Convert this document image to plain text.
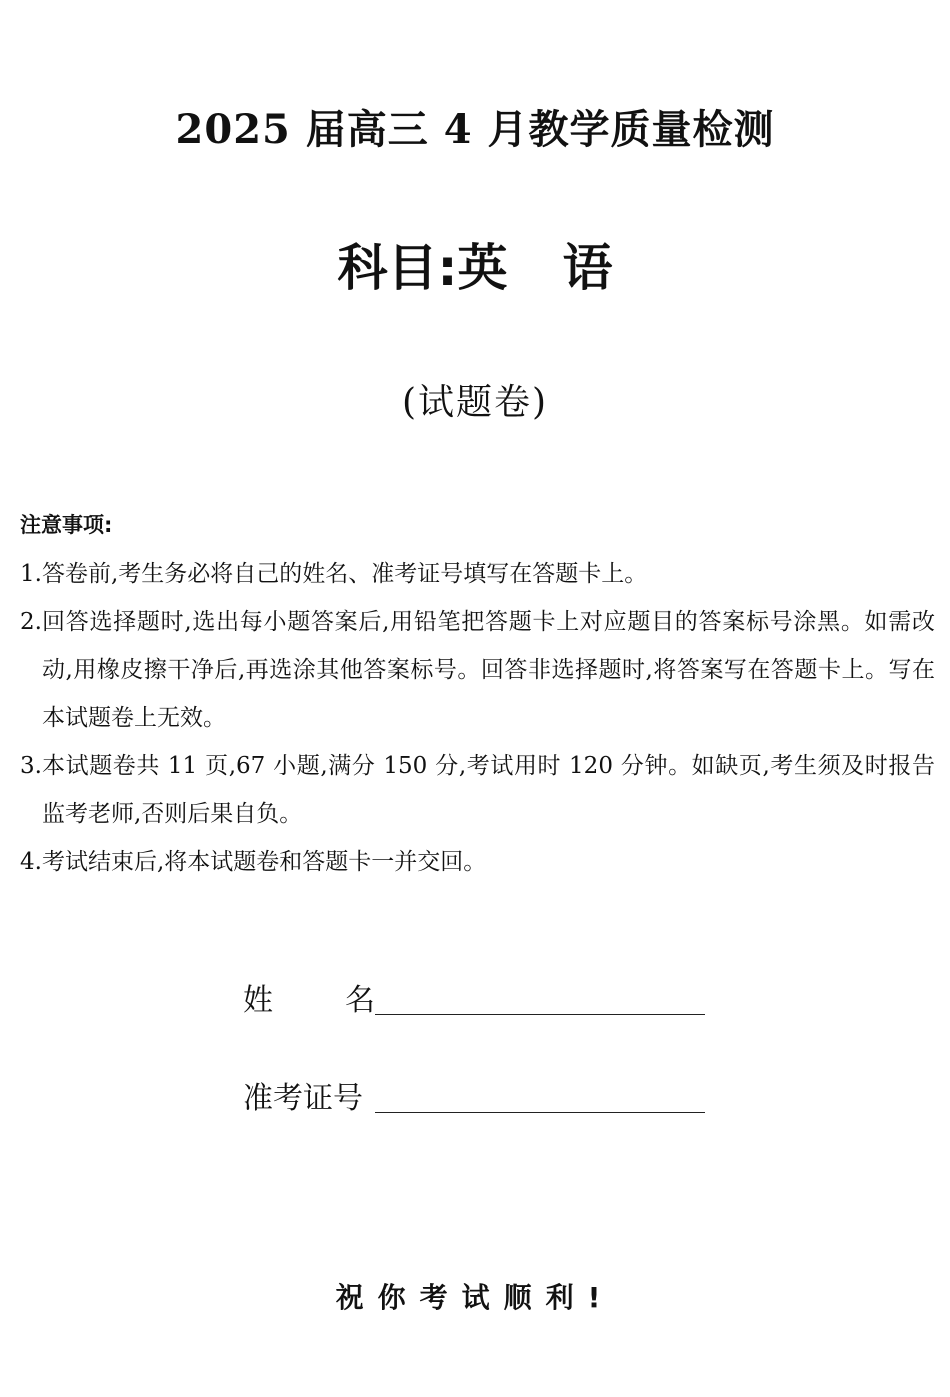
2025 届高三 4 月教学质量检测
科目:英 语
(试题卷)
注意事项:
1. 答卷前,考生务必将自己的姓名、准考证号填写在答题卡上。
2. 回答选择题时,选出每小题答案后,用铅笔把答题卡上对应题目的答案标号涂黑。如需改动,用橡皮擦干净后,再选涂其他答案标号。回答非选择题时,将答案写在答题卡上。写在本试题卷上无效。
3. 本试题卷共 11 页,67 小题,满分 150 分,考试用时 120 分钟。如缺页,考生须及时报告监考老师,否则后果自负。
4. 考试结束后,将本试题卷和答题卡一并交回。
姓 名
准考证号
祝你考试顺利!
